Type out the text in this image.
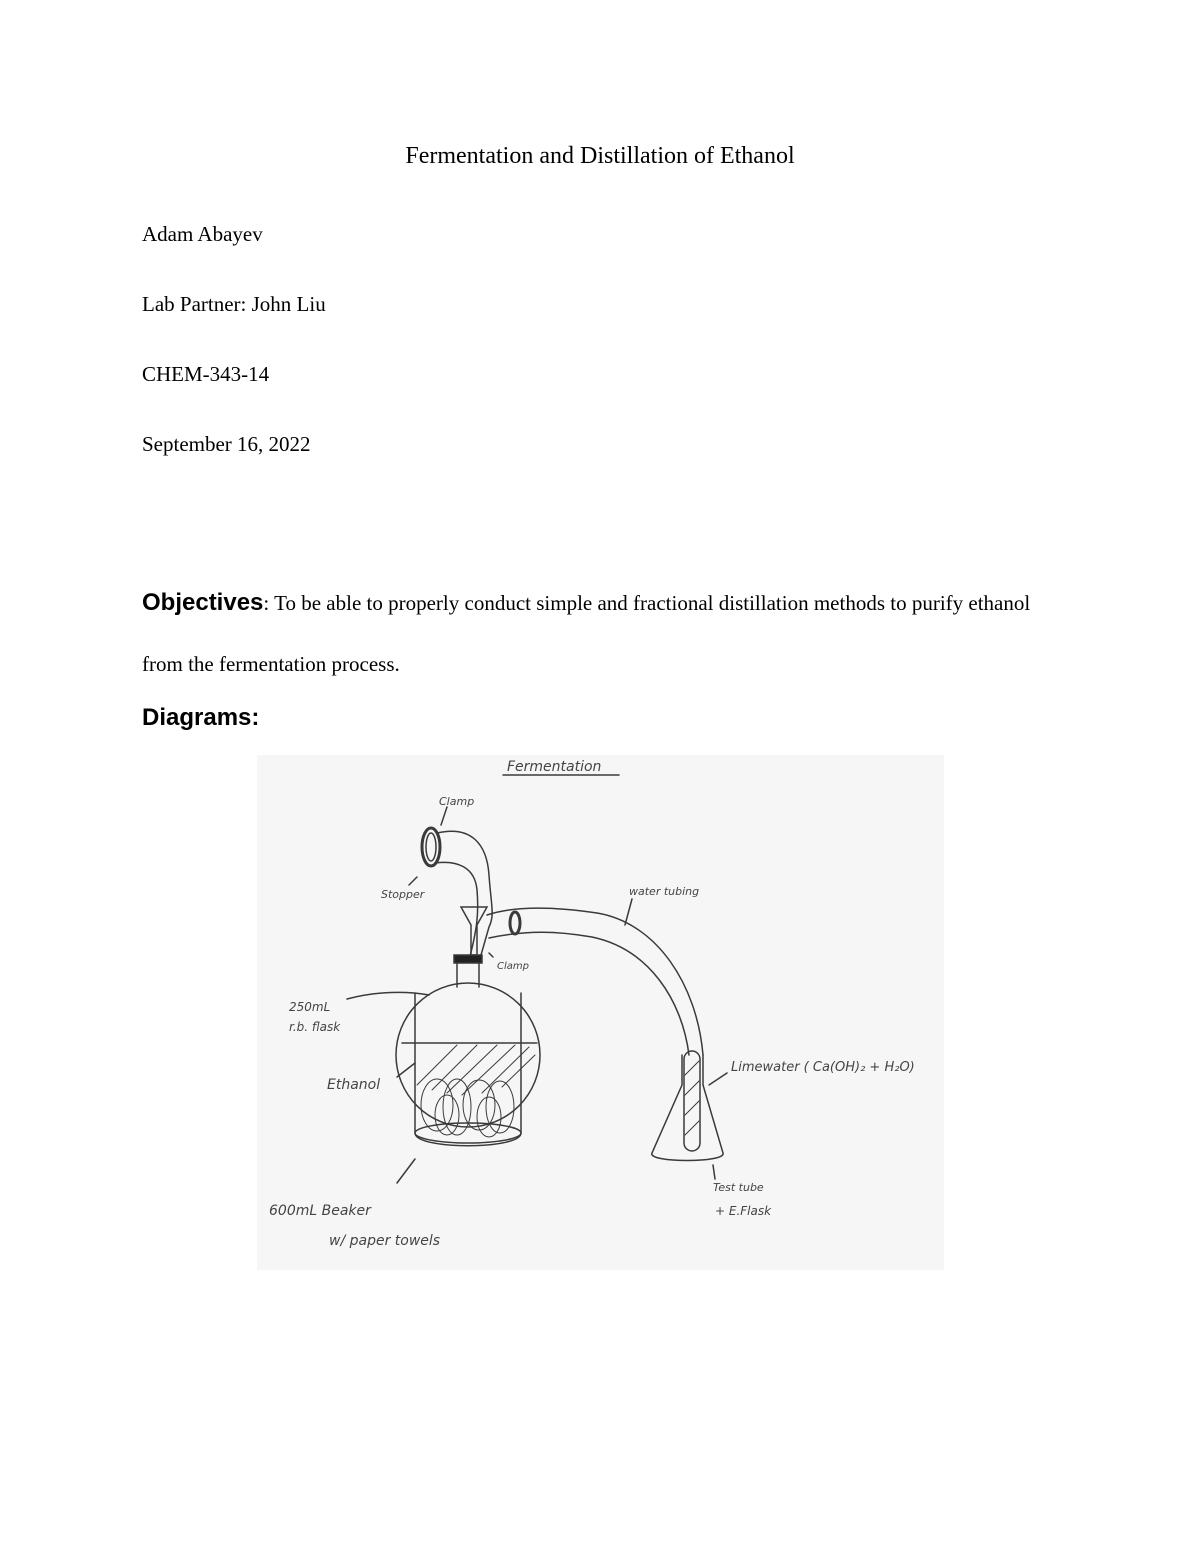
Fermentation and Distillation of Ethanol
Adam Abayev
Lab Partner: John Liu
CHEM-343-14
September 16, 2022
Objectives: To be able to properly conduct simple and fractional distillation methods to purify ethanol from the fermentation process.
Diagrams:
Fermentation
Clamp
Stopper
Clamp
water tubing
250mL
r.b. flask
Ethanol
Limewater ( Ca(OH)₂ + H₂O)
600mL Beaker
w/ paper towels
Test tube
+ E.Flask
